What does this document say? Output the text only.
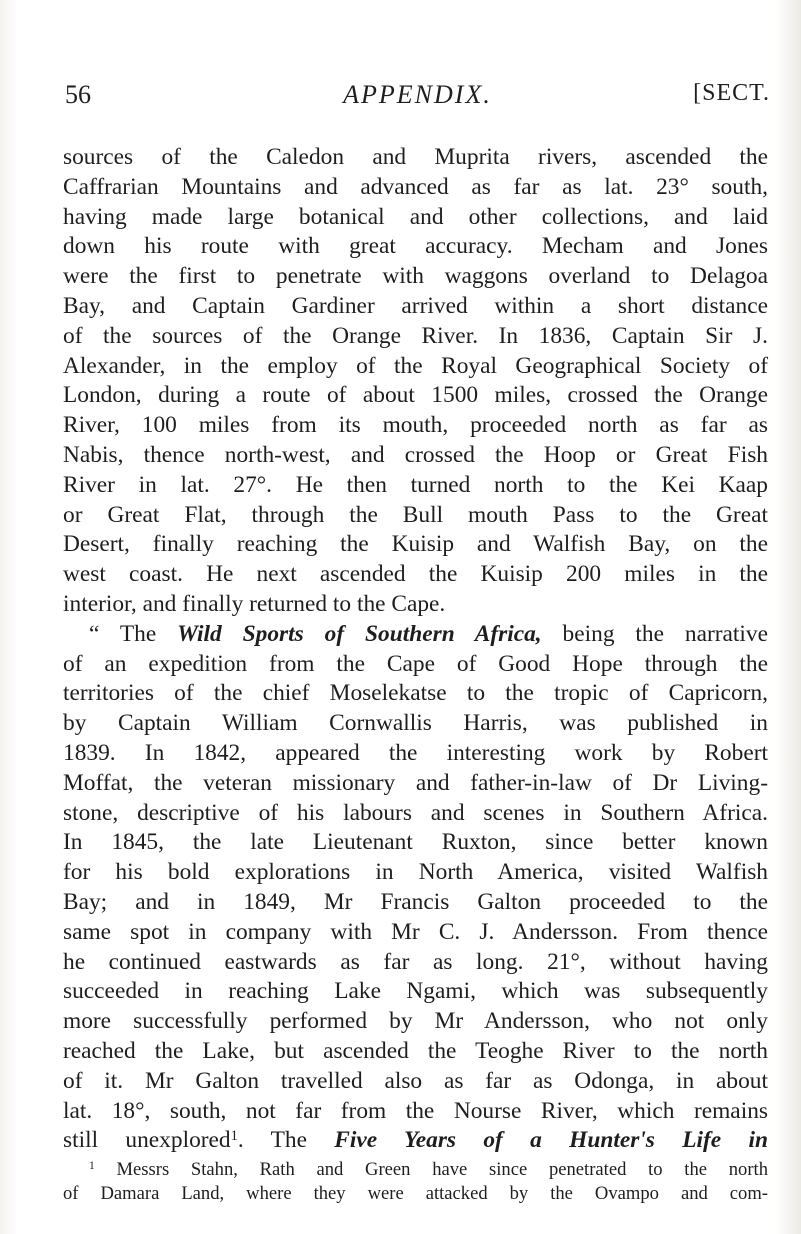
56	APPENDIX.	[SECT.
sources of the Caledon and Muprita rivers, ascended the
Caffrarian Mountains and advanced as far as lat. 23° south,
having made large botanical and other collections, and laid
down his route with great accuracy. Mecham and Jones
were the first to penetrate with waggons overland to Delagoa
Bay, and Captain Gardiner arrived within a short distance
of the sources of the Orange River. In 1836, Captain Sir J.
Alexander, in the employ of the Royal Geographical Society of
London, during a route of about 1500 miles, crossed the Orange
River, 100 miles from its mouth, proceeded north as far as
Nabis, thence north-west, and crossed the Hoop or Great Fish
River in lat. 27°. He then turned north to the Kei Kaap
or Great Flat, through the Bull mouth Pass to the Great
Desert, finally reaching the Kuisip and Walfish Bay, on the
west coast. He next ascended the Kuisip 200 miles in the
interior, and finally returned to the Cape.
“ The Wild Sports of Southern Africa, being the narrative
of an expedition from the Cape of Good Hope through the
territories of the chief Moselekatse to the tropic of Capricorn,
by Captain William Cornwallis Harris, was published in
1839. In 1842, appeared the interesting work by Robert
Moffat, the veteran missionary and father-in-law of Dr Living-
stone, descriptive of his labours and scenes in Southern Africa.
In 1845, the late Lieutenant Ruxton, since better known
for his bold explorations in North America, visited Walfish
Bay; and in 1849, Mr Francis Galton proceeded to the
same spot in company with Mr C. J. Andersson. From thence
he continued eastwards as far as long. 21°, without having
succeeded in reaching Lake Ngami, which was subsequently
more successfully performed by Mr Andersson, who not only
reached the Lake, but ascended the Teoghe River to the north
of it. Mr Galton travelled also as far as Odonga, in about
lat. 18°, south, not far from the Nourse River, which remains
still unexplored$^1$. The Five Years of a Hunter's Life in
$^1$ Messrs Stahn, Rath and Green have since penetrated to the north
of Damara Land, where they were attacked by the Ovampo and com-
